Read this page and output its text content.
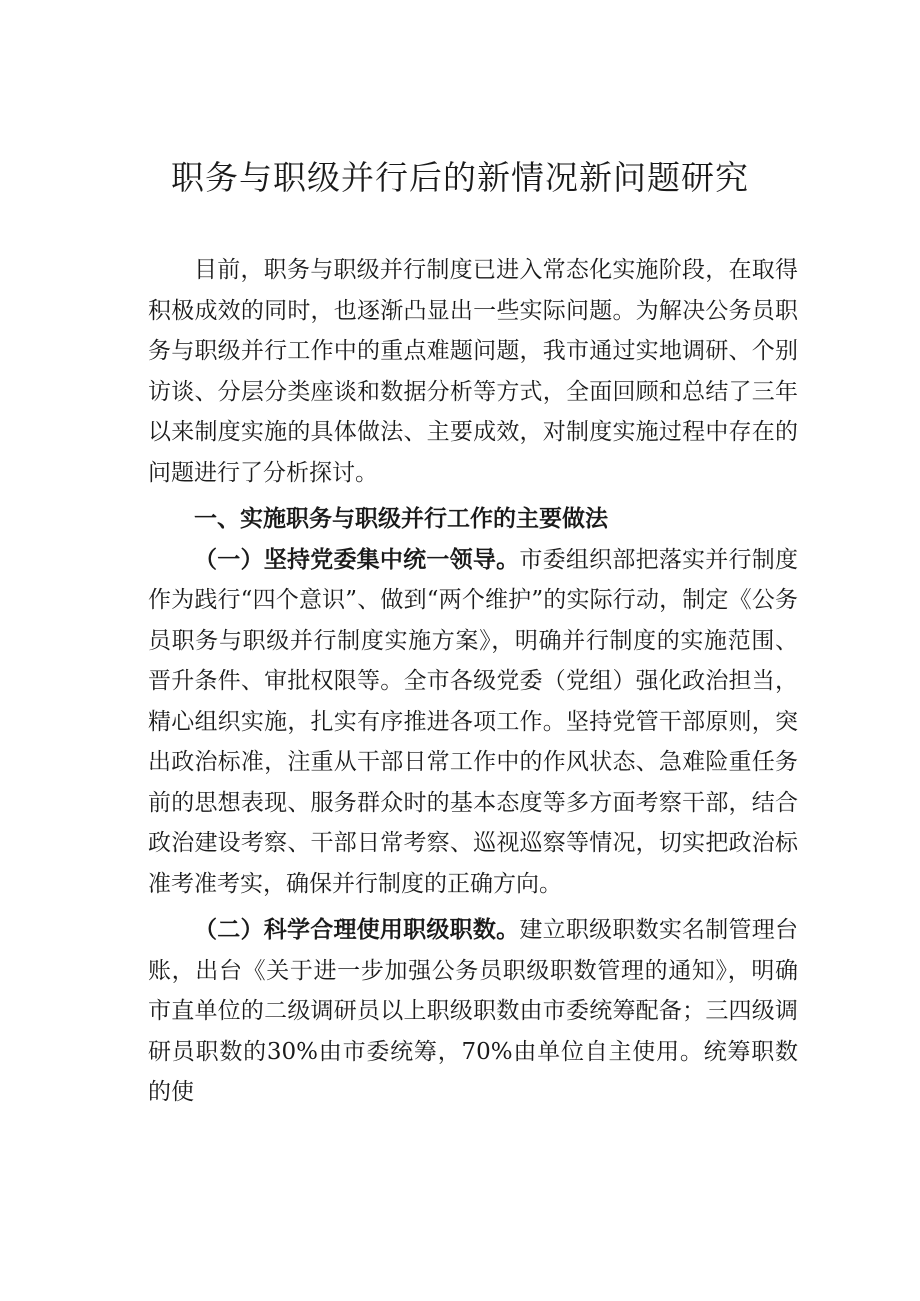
职务与职级并行后的新情况新问题研究

目前，职务与职级并行制度已进入常态化实施阶段，在取得积极成效的同时，也逐渐凸显出一些实际问题。为解决公务员职务与职级并行工作中的重点难题问题，我市通过实地调研、个别访谈、分层分类座谈和数据分析等方式，全面回顾和总结了三年以来制度实施的具体做法、主要成效，对制度实施过程中存在的问题进行了分析探讨。

一、实施职务与职级并行工作的主要做法

（一）坚持党委集中统一领导。市委组织部把落实并行制度作为践行“四个意识”、做到“两个维护”的实际行动，制定《公务员职务与职级并行制度实施方案》，明确并行制度的实施范围、晋升条件、审批权限等。全市各级党委（党组）强化政治担当，精心组织实施，扎实有序推进各项工作。坚持党管干部原则，突出政治标准，注重从干部日常工作中的作风状态、急难险重任务前的思想表现、服务群众时的基本态度等多方面考察干部，结合政治建设考察、干部日常考察、巡视巡察等情况，切实把政治标准考准考实，确保并行制度的正确方向。

（二）科学合理使用职级职数。建立职级职数实名制管理台账，出台《关于进一步加强公务员职级职数管理的通知》，明确市直单位的二级调研员以上职级职数由市委统筹配备；三四级调研员职数的30%由市委统筹，70%由单位自主使用。统筹职数的使
